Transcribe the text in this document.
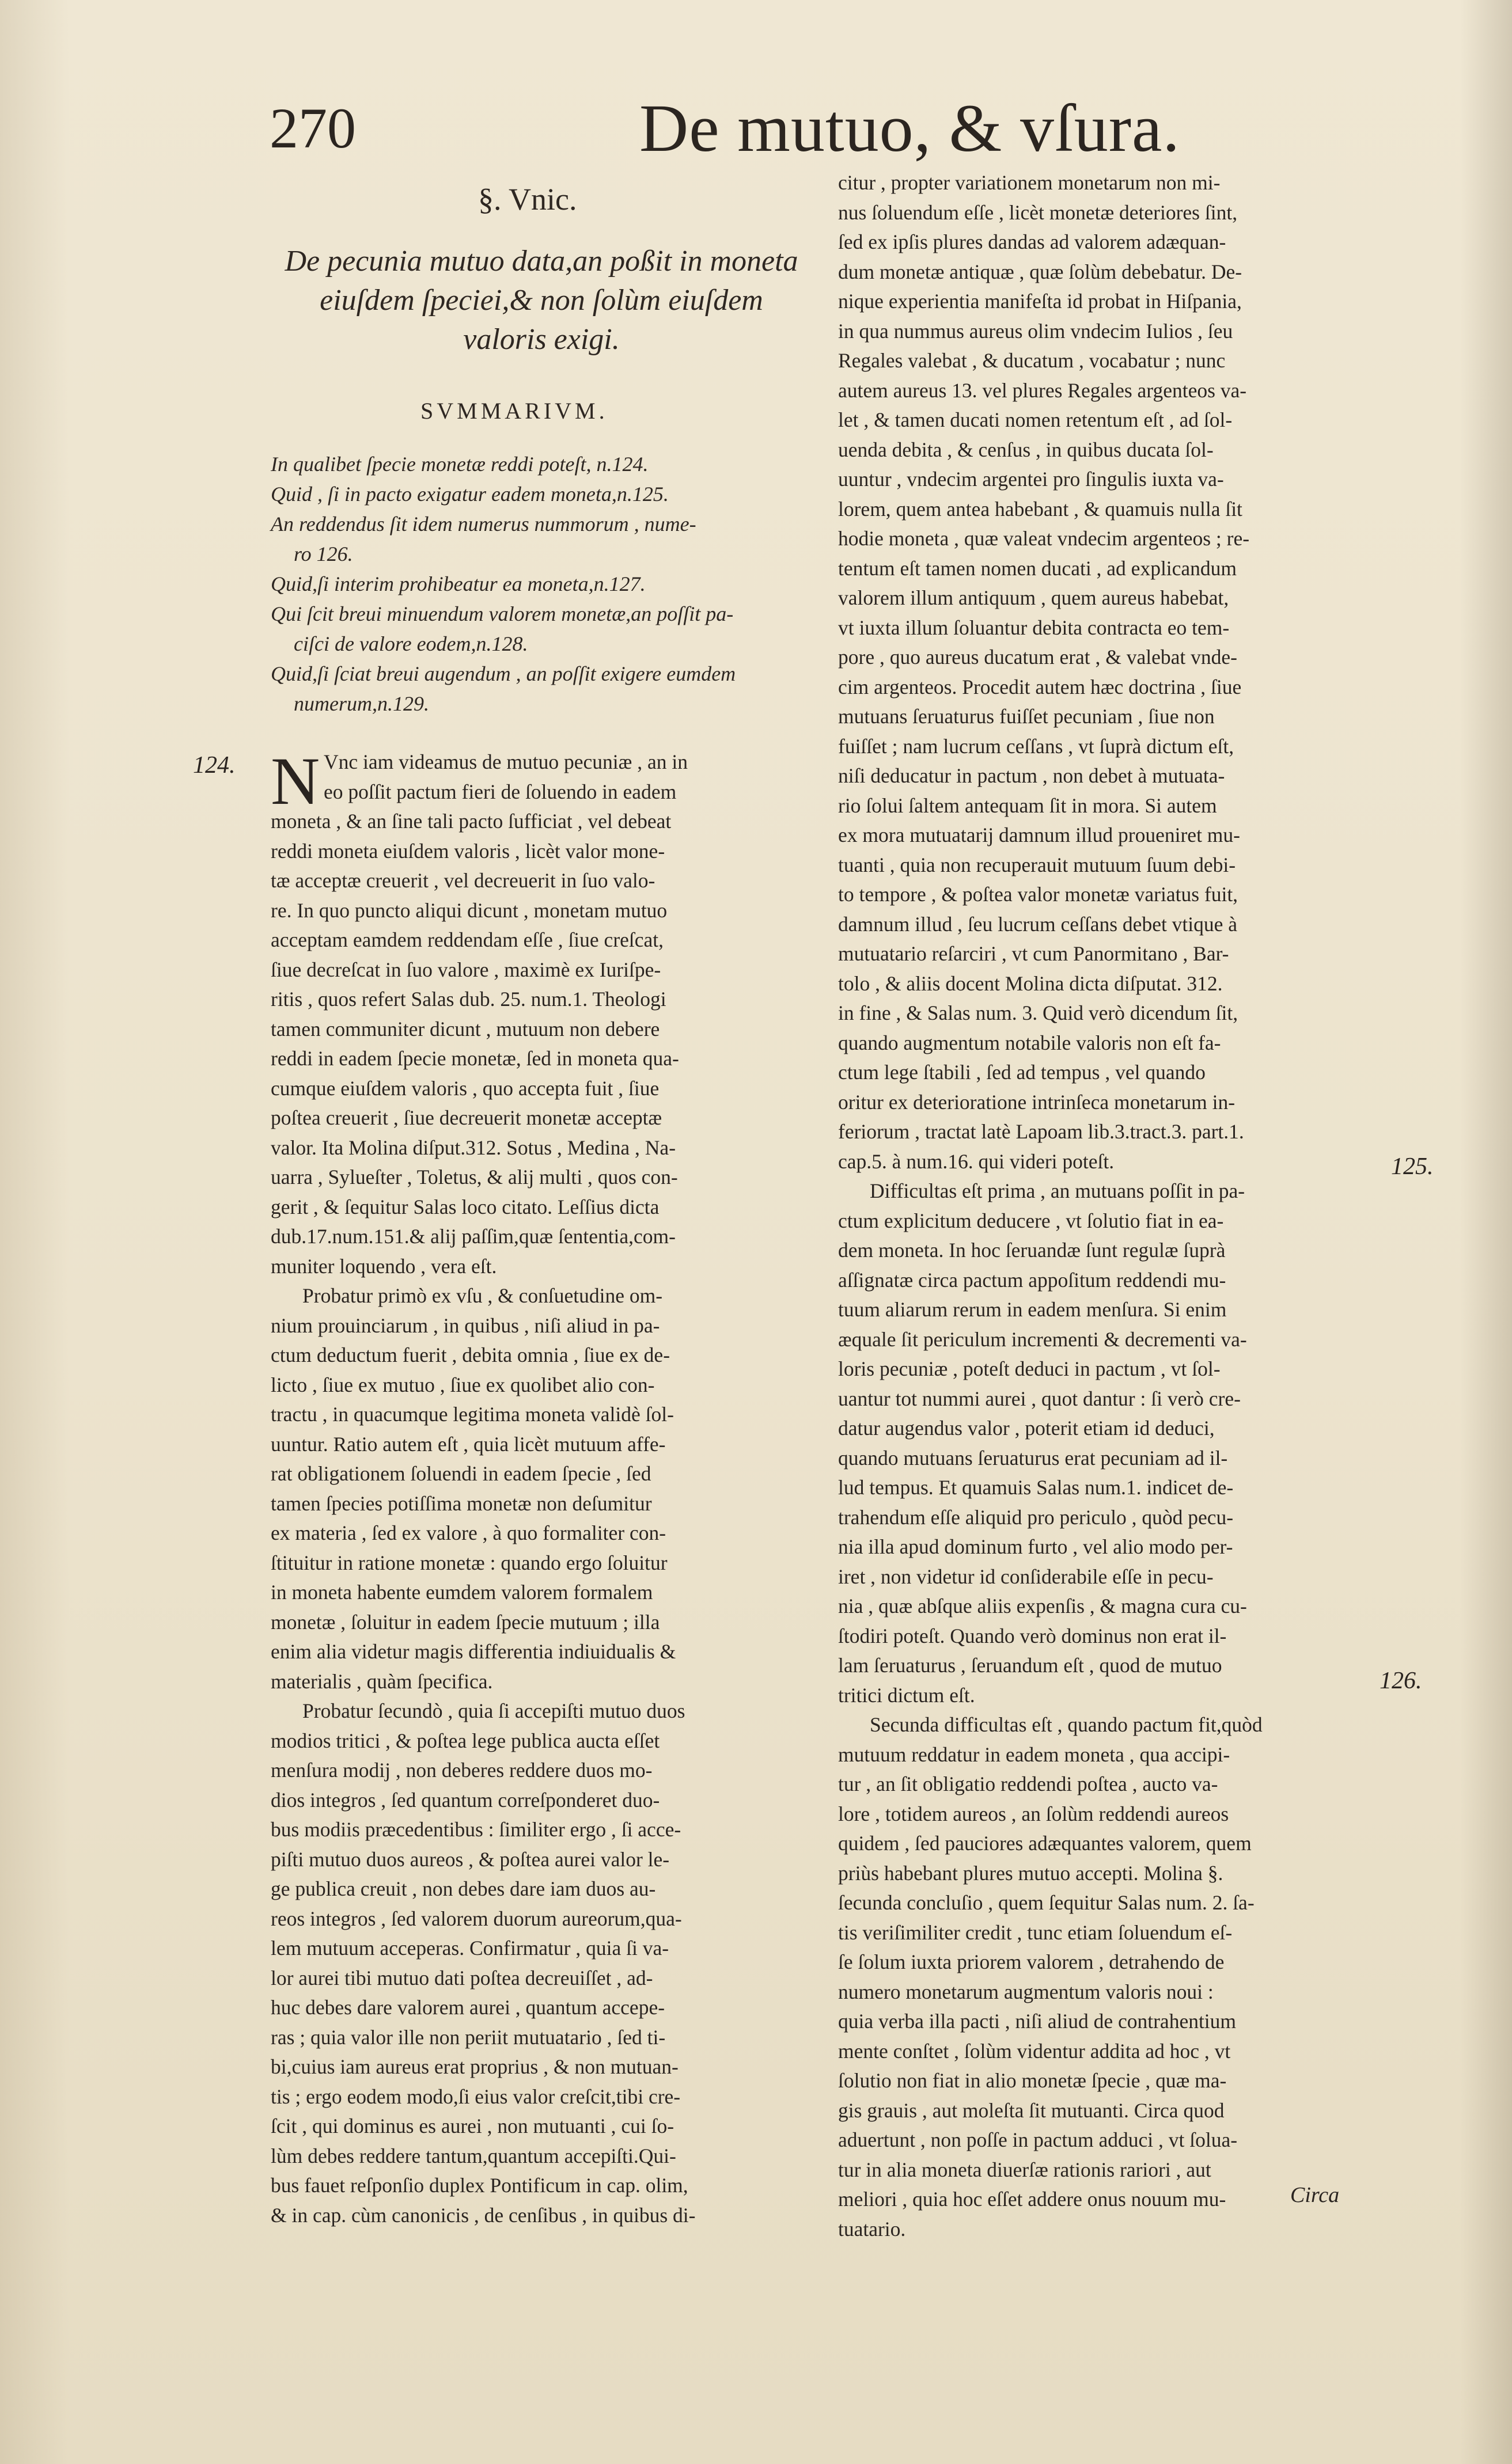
270	De mutuo, & vſura.
§. Vnic.
De pecunia mutuo data,an poßit in moneta
eiuſdem ſpeciei,& non ſolùm eiuſdem
valoris exigi.
SVMMARIVM.
In qualibet ſpecie monetæ reddi poteſt, n.124.
Quid , ſi in pacto exigatur eadem moneta,n.125.
An reddendus ſit idem numerus nummorum , nume-
ro 126.
Quid,ſi interim prohibeatur ea moneta,n.127.
Qui ſcit breui minuendum valorem monetæ,an poſſit pa-
ciſci de valore eodem,n.128.
Quid,ſi ſciat breui augendum , an poſſit exigere eumdem
numerum,n.129.
124.
125.
126.
N Vnc iam videamus de mutuo pecuniæ , an in
eo poſſit pactum fieri de ſoluendo in eadem
moneta , & an ſine tali pacto ſufficiat , vel debeat
reddi moneta eiuſdem valoris , licèt valor mone-
tæ acceptæ creuerit , vel decreuerit in ſuo valo-
re. In quo puncto aliqui dicunt , monetam mutuo
acceptam eamdem reddendam eſſe , ſiue creſcat,
ſiue decreſcat in ſuo valore , maximè ex Iuriſpe-
ritis , quos refert Salas dub. 25. num.1. Theologi
tamen communiter dicunt , mutuum non debere
reddi in eadem ſpecie monetæ, ſed in moneta qua-
cumque eiuſdem valoris , quo accepta fuit , ſiue
poſtea creuerit , ſiue decreuerit monetæ acceptæ
valor. Ita Molina diſput.312. Sotus , Medina , Na-
uarra , Sylueſter , Toletus, & alij multi , quos con-
gerit , & ſequitur Salas loco citato. Leſſius dicta
dub.17.num.151.& alij paſſim,quæ ſententia,com-
muniter loquendo , vera eſt.
Probatur primò ex vſu , & conſuetudine om-
nium prouinciarum , in quibus , niſi aliud in pa-
ctum deductum fuerit , debita omnia , ſiue ex de-
licto , ſiue ex mutuo , ſiue ex quolibet alio con-
tractu , in quacumque legitima moneta validè ſol-
uuntur. Ratio autem eſt , quia licèt mutuum affe-
rat obligationem ſoluendi in eadem ſpecie , ſed
tamen ſpecies potiſſima monetæ non deſumitur
ex materia , ſed ex valore , à quo formaliter con-
ſtituitur in ratione monetæ : quando ergo ſoluitur
in moneta habente eumdem valorem formalem
monetæ , ſoluitur in eadem ſpecie mutuum ; illa
enim alia videtur magis differentia indiuidualis &
materialis , quàm ſpecifica.
Probatur ſecundò , quia ſi accepiſti mutuo duos
modios tritici , & poſtea lege publica aucta eſſet
menſura modij , non deberes reddere duos mo-
dios integros , ſed quantum correſponderet duo-
bus modiis præcedentibus : ſimiliter ergo , ſi acce-
piſti mutuo duos aureos , & poſtea aurei valor le-
ge publica creuit , non debes dare iam duos au-
reos integros , ſed valorem duorum aureorum,qua-
lem mutuum acceperas. Confirmatur , quia ſi va-
lor aurei tibi mutuo dati poſtea decreuiſſet , ad-
huc debes dare valorem aurei , quantum accepe-
ras ; quia valor ille non periit mutuatario , ſed ti-
bi,cuius iam aureus erat proprius , & non mutuan-
tis ; ergo eodem modo,ſi eius valor creſcit,tibi cre-
ſcit , qui dominus es aurei , non mutuanti , cui ſo-
lùm debes reddere tantum,quantum accepiſti.Qui-
bus fauet reſponſio duplex Pontificum in cap. olim,
& in cap. cùm canonicis , de cenſibus , in quibus di-
citur , propter variationem monetarum non mi-
nus ſoluendum eſſe , licèt monetæ deteriores ſint,
ſed ex ipſis plures dandas ad valorem adæquan-
dum monetæ antiquæ , quæ ſolùm debebatur. De-
nique experientia manifeſta id probat in Hiſpania,
in qua nummus aureus olim vndecim Iulios , ſeu
Regales valebat , & ducatum , vocabatur ; nunc
autem aureus 13. vel plures Regales argenteos va-
let , & tamen ducati nomen retentum eſt , ad ſol-
uenda debita , & cenſus , in quibus ducata ſol-
uuntur , vndecim argentei pro ſingulis iuxta va-
lorem, quem antea habebant , & quamuis nulla ſit
hodie moneta , quæ valeat vndecim argenteos ; re-
tentum eſt tamen nomen ducati , ad explicandum
valorem illum antiquum , quem aureus habebat,
vt iuxta illum ſoluantur debita contracta eo tem-
pore , quo aureus ducatum erat , & valebat vnde-
cim argenteos. Procedit autem hæc doctrina , ſiue
mutuans ſeruaturus fuiſſet pecuniam , ſiue non
fuiſſet ; nam lucrum ceſſans , vt ſuprà dictum eſt,
niſi deducatur in pactum , non debet à mutuata-
rio ſolui ſaltem antequam ſit in mora. Si autem
ex mora mutuatarij damnum illud proueniret mu-
tuanti , quia non recuperauit mutuum ſuum debi-
to tempore , & poſtea valor monetæ variatus fuit,
damnum illud , ſeu lucrum ceſſans debet vtique à
mutuatario reſarciri , vt cum Panormitano , Bar-
tolo , & aliis docent Molina dicta diſputat. 312.
in fine , & Salas num. 3. Quid verò dicendum ſit,
quando augmentum notabile valoris non eſt fa-
ctum lege ſtabili , ſed ad tempus , vel quando
oritur ex deterioratione intrinſeca monetarum in-
feriorum , tractat latè Lapoam lib.3.tract.3. part.1.
cap.5. à num.16. qui videri poteſt.
Difficultas eſt prima , an mutuans poſſit in pa-
ctum explicitum deducere , vt ſolutio fiat in ea-
dem moneta. In hoc ſeruandæ ſunt regulæ ſuprà
aſſignatæ circa pactum appoſitum reddendi mu-
tuum aliarum rerum in eadem menſura. Si enim
æquale ſit periculum incrementi & decrementi va-
loris pecuniæ , poteſt deduci in pactum , vt ſol-
uantur tot nummi aurei , quot dantur : ſi verò cre-
datur augendus valor , poterit etiam id deduci,
quando mutuans ſeruaturus erat pecuniam ad il-
lud tempus. Et quamuis Salas num.1. indicet de-
trahendum eſſe aliquid pro periculo , quòd pecu-
nia illa apud dominum furto , vel alio modo per-
iret , non videtur id conſiderabile eſſe in pecu-
nia , quæ abſque aliis expenſis , & magna cura cu-
ſtodiri poteſt. Quando verò dominus non erat il-
lam ſeruaturus , ſeruandum eſt , quod de mutuo
tritici dictum eſt.
Secunda difficultas eſt , quando pactum fit,quòd
mutuum reddatur in eadem moneta , qua accipi-
tur , an ſit obligatio reddendi poſtea , aucto va-
lore , totidem aureos , an ſolùm reddendi aureos
quidem , ſed pauciores adæquantes valorem, quem
priùs habebant plures mutuo accepti. Molina §.
ſecunda concluſio , quem ſequitur Salas num. 2. ſa-
tis veriſimiliter credit , tunc etiam ſoluendum eſ-
ſe ſolum iuxta priorem valorem , detrahendo de
numero monetarum augmentum valoris noui :
quia verba illa pacti , niſi aliud de contrahentium
mente conſtet , ſolùm videntur addita ad hoc , vt
ſolutio non fiat in alio monetæ ſpecie , quæ ma-
gis grauis , aut moleſta ſit mutuanti. Circa quod
aduertunt , non poſſe in pactum adduci , vt ſolua-
tur in alia moneta diuerſæ rationis rariori , aut
meliori , quia hoc eſſet addere onus nouum mu-
tuatario.
Circa
